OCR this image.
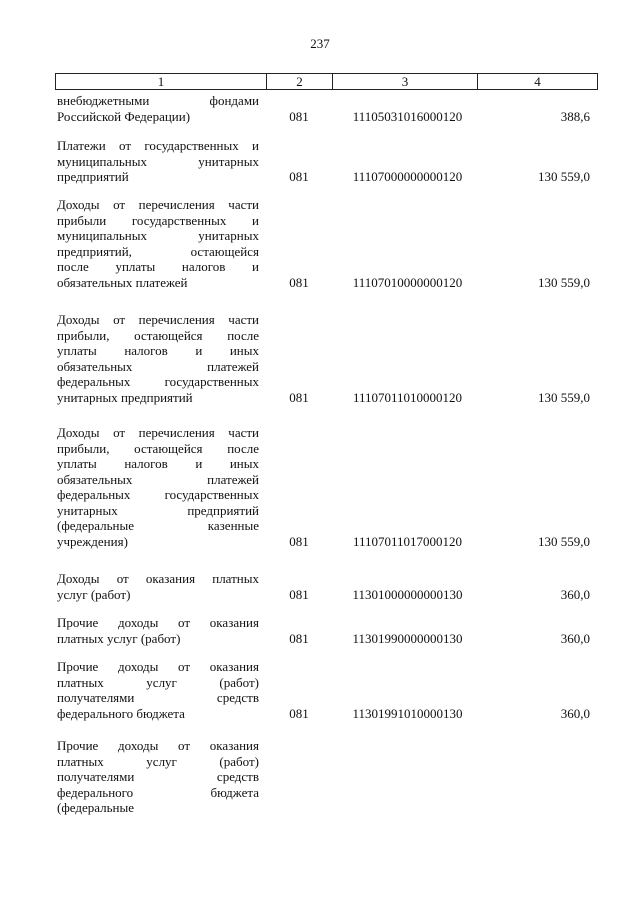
237
1	2	3	4
внебюджетными фондами
Российской Федерации)	081	11105031016000120	388,6
Платежи от государственных и
муниципальных унитарных
предприятий	081	11107000000000120	130 559,0
Доходы от перечисления части
прибыли государственных и
муниципальных унитарных
предприятий, остающейся
после уплаты налогов и
обязательных платежей	081	11107010000000120	130 559,0
Доходы от перечисления части
прибыли, остающейся после
уплаты налогов и иных
обязательных платежей
федеральных государственных
унитарных предприятий	081	11107011010000120	130 559,0
Доходы от перечисления части
прибыли, остающейся после
уплаты налогов и иных
обязательных платежей
федеральных государственных
унитарных предприятий
(федеральные казенные
учреждения)	081	11107011017000120	130 559,0
Доходы от оказания платных
услуг (работ)	081	11301000000000130	360,0
Прочие доходы от оказания
платных услуг (работ)	081	11301990000000130	360,0
Прочие доходы от оказания
платных услуг (работ)
получателями средств
федерального бюджета	081	11301991010000130	360,0
Прочие доходы от оказания
платных услуг (работ)
получателями средств
федерального бюджета
(федеральные
